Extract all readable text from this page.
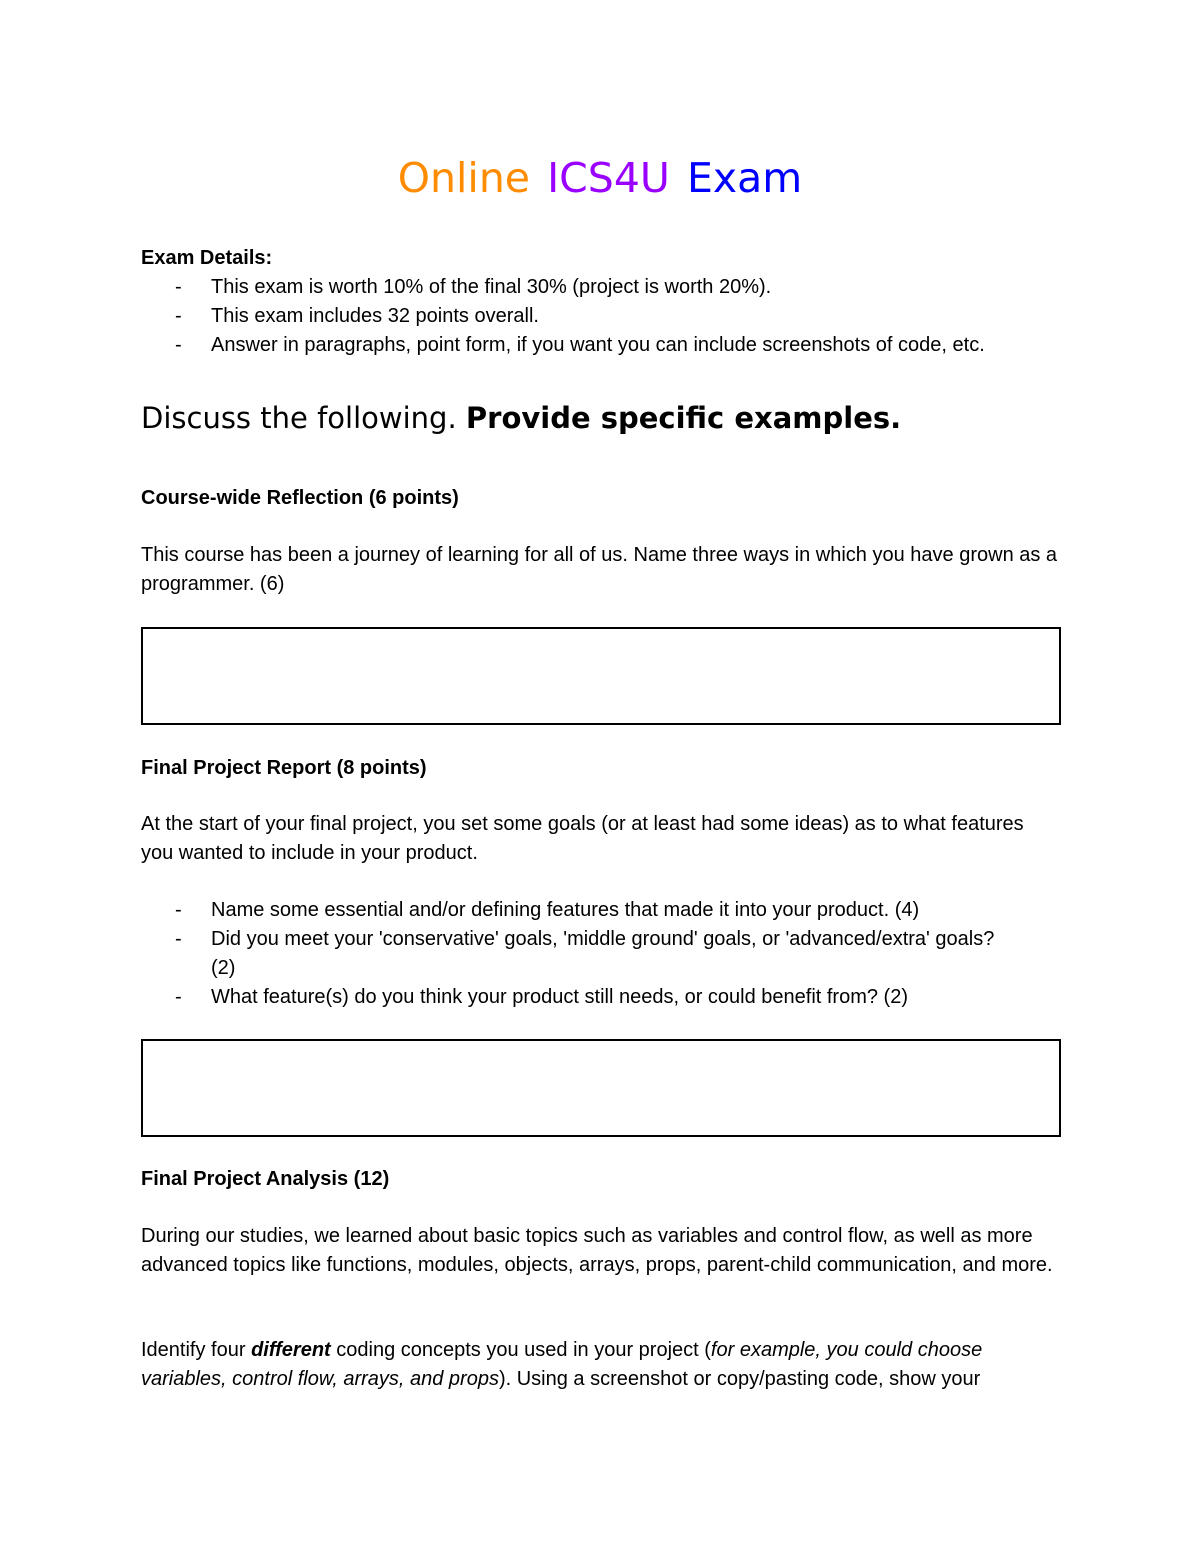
Online ICS4U Exam
Exam Details:
- This exam is worth 10% of the final 30% (project is worth 20%).
- This exam includes 32 points overall.
- Answer in paragraphs, point form, if you want you can include screenshots of code, etc.
Discuss the following. Provide specific examples.
Course-wide Reflection (6 points)
This course has been a journey of learning for all of us. Name three ways in which you have grown as a programmer. (6)
Final Project Report (8 points)
At the start of your final project, you set some goals (or at least had some ideas) as to what features you wanted to include in your product.
- Name some essential and/or defining features that made it into your product. (4)
- Did you meet your 'conservative' goals, 'middle ground' goals, or 'advanced/extra' goals? (2)
- What feature(s) do you think your product still needs, or could benefit from? (2)
Final Project Analysis (12)
During our studies, we learned about basic topics such as variables and control flow, as well as more advanced topics like functions, modules, objects, arrays, props, parent-child communication, and more.
Identify four different coding concepts you used in your project (for example, you could choose variables, control flow, arrays, and props). Using a screenshot or copy/pasting code, show your
